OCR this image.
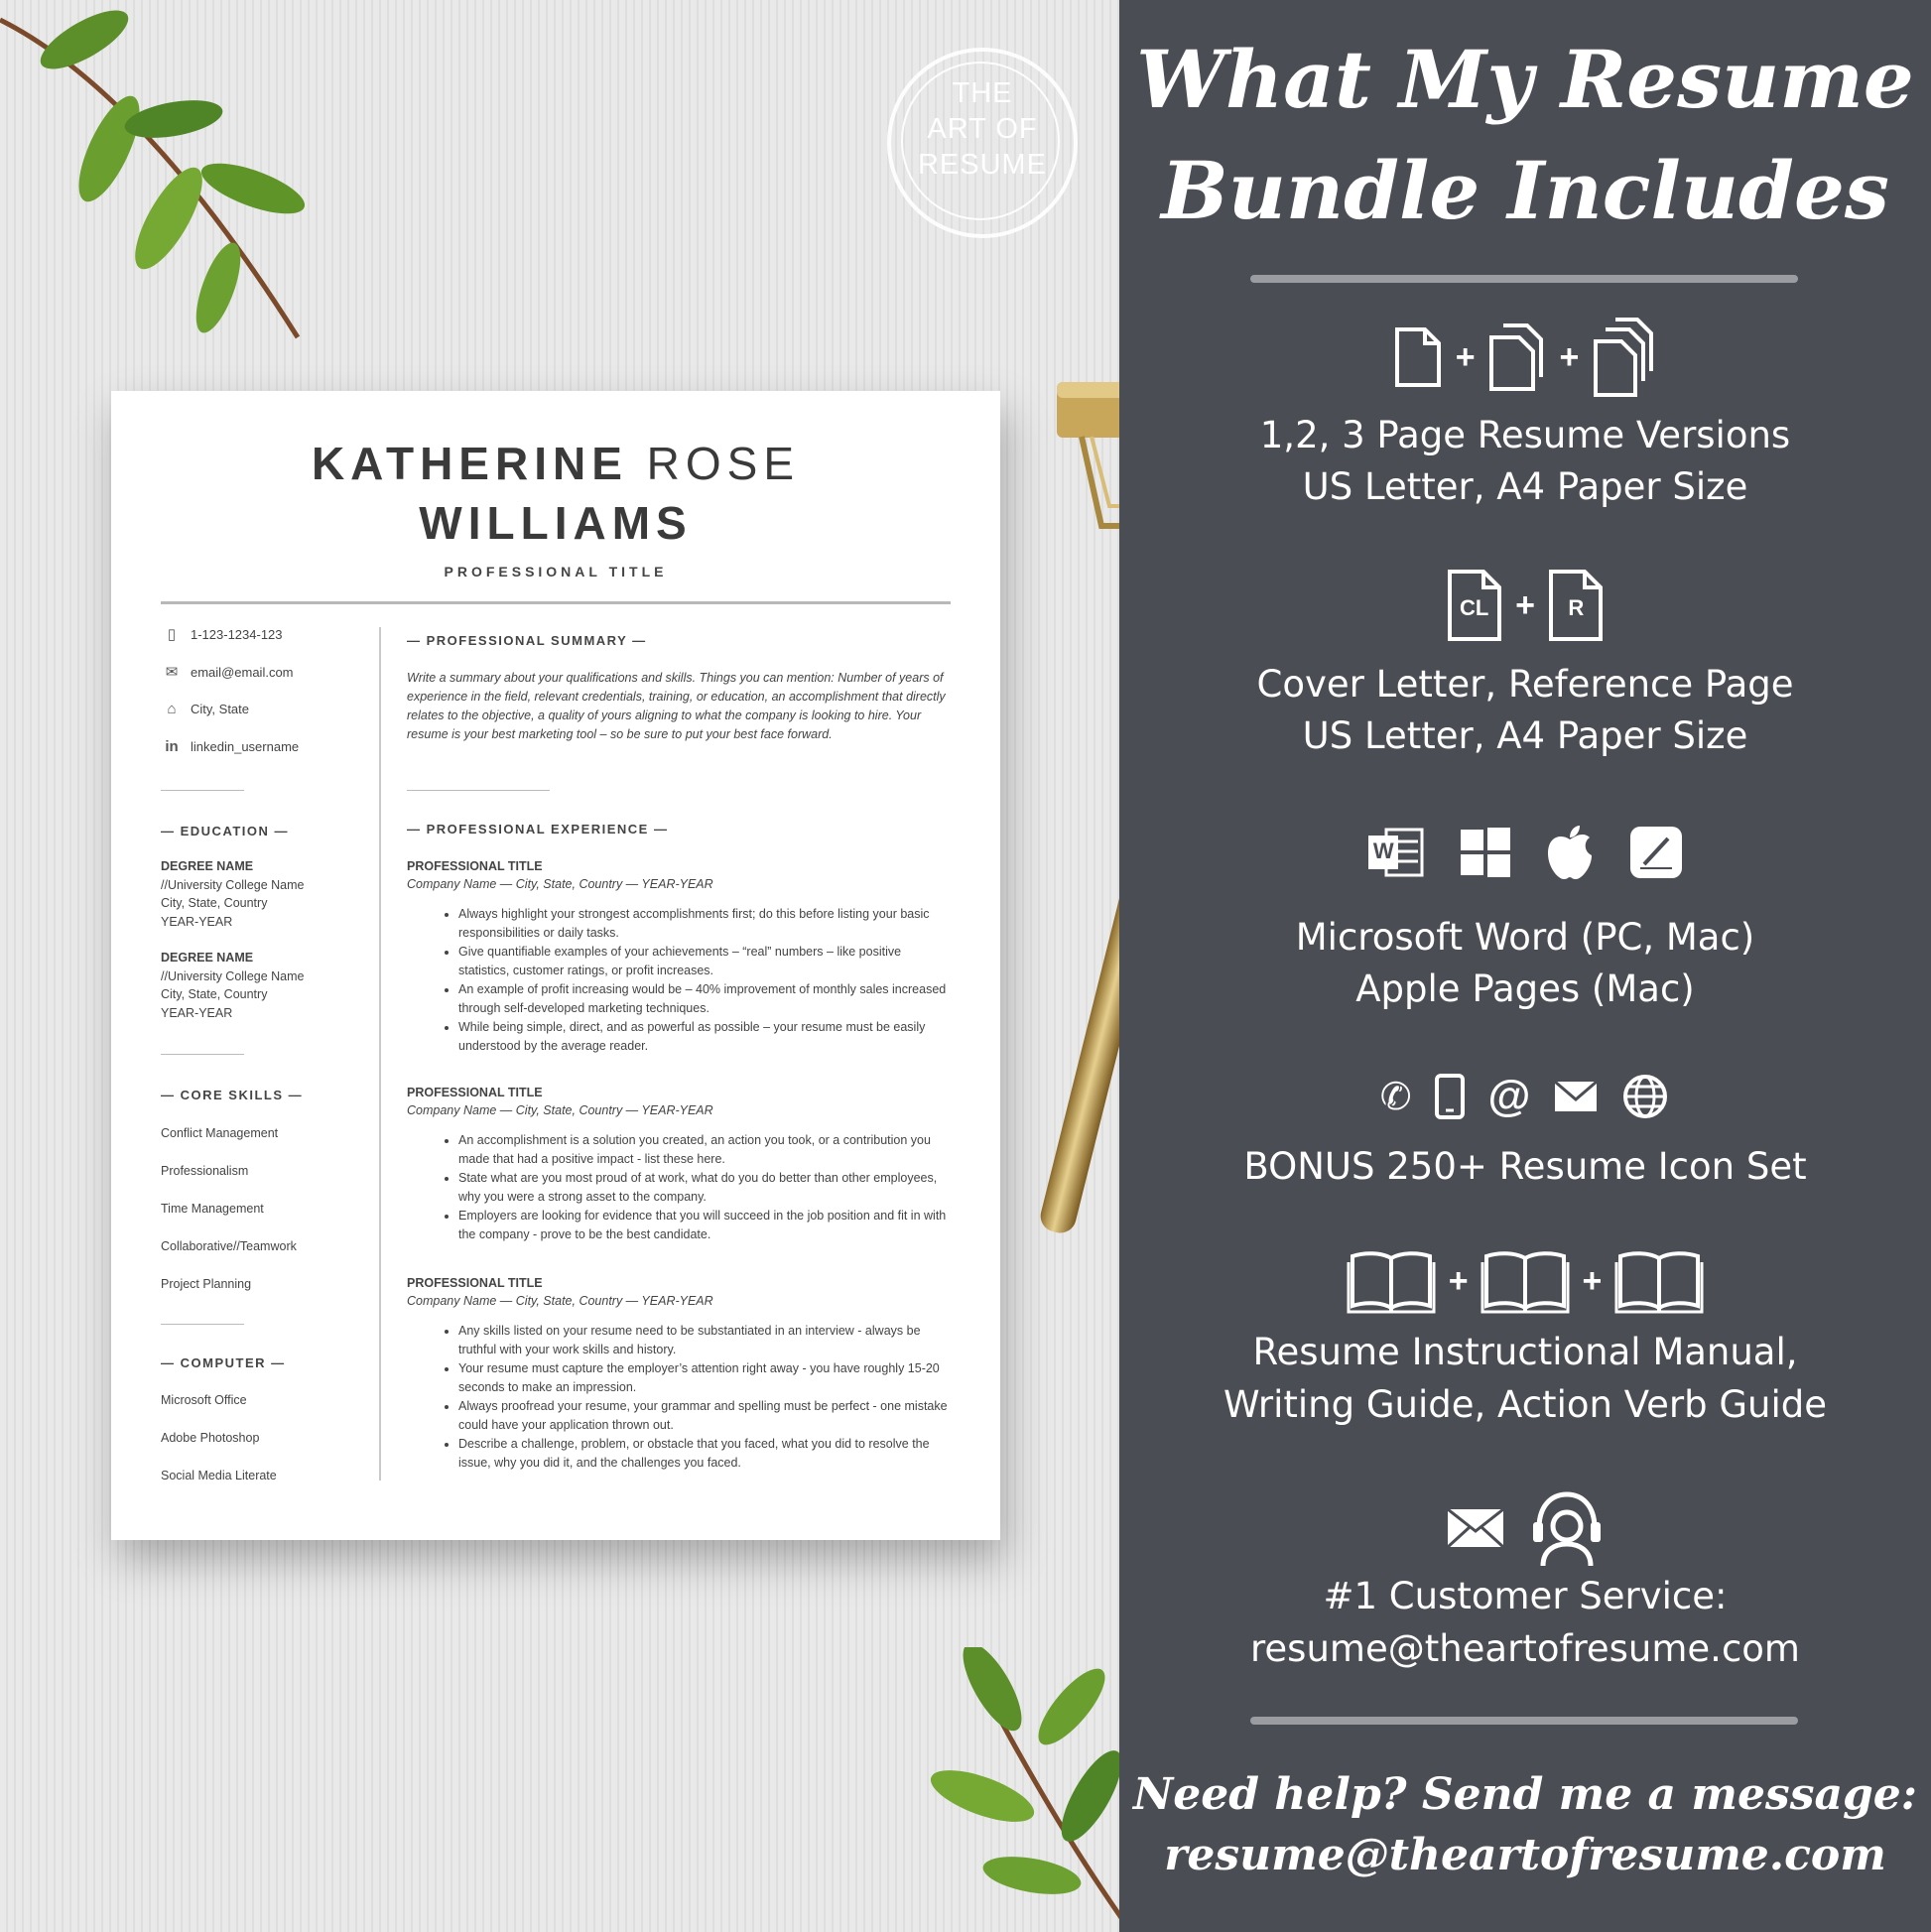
THE
ART OF
RESUME
KATHERINE ROSE
WILLIAMS
PROFESSIONAL TITLE
▯ 1-123-1234-123
✉ email@email.com
⌂ City, State
in linkedin_username
— EDUCATION —
DEGREE NAME
//University College Name
City, State, Country
YEAR-YEAR
DEGREE NAME
//University College Name
City, State, Country
YEAR-YEAR
— CORE SKILLS —
Conflict Management
Professionalism
Time Management
Collaborative//Teamwork
Project Planning
— COMPUTER —
Microsoft Office
Adobe Photoshop
Social Media Literate
— PROFESSIONAL SUMMARY —
Write a summary about your qualifications and skills. Things you can mention: Number of years of experience in the field, relevant credentials, training, or education, an accomplishment that directly relates to the objective, a quality of yours aligning to what the company is looking to hire. Your resume is your best marketing tool – so be sure to put your best face forward.
— PROFESSIONAL EXPERIENCE —
PROFESSIONAL TITLE
Company Name — City, State, Country — YEAR-YEAR
• Always highlight your strongest accomplishments first; do this before listing your basic responsibilities or daily tasks.
• Give quantifiable examples of your achievements – “real” numbers – like positive statistics, customer ratings, or profit increases.
• An example of profit increasing would be – 40% improvement of monthly sales increased through self-developed marketing techniques.
• While being simple, direct, and as powerful as possible – your resume must be easily understood by the average reader.
PROFESSIONAL TITLE
Company Name — City, State, Country — YEAR-YEAR
• An accomplishment is a solution you created, an action you took, or a contribution you made that had a positive impact - list these here.
• State what are you most proud of at work, what do you do better than other employees, why you were a strong asset to the company.
• Employers are looking for evidence that you will succeed in the job position and fit in with the company - prove to be the best candidate.
PROFESSIONAL TITLE
Company Name — City, State, Country — YEAR-YEAR
• Any skills listed on your resume need to be substantiated in an interview - always be truthful with your work skills and history.
• Your resume must capture the employer’s attention right away - you have roughly 15-20 seconds to make an impression.
• Always proofread your resume, your grammar and spelling must be perfect - one mistake could have your application thrown out.
• Describe a challenge, problem, or obstacle that you faced, what you did to resolve the issue, why you did it, and the challenges you faced.
What My Resume
Bundle Includes
+ +
1,2, 3 Page Resume Versions
US Letter, A4 Paper Size
CL +	R
Cover Letter, Reference Page
US Letter, A4 Paper Size
W

Microsoft Word (PC, Mac)
Apple Pages (Mac)
✆ @
BONUS 250+ Resume Icon Set
+	+
Resume Instructional Manual,
Writing Guide, Action Verb Guide

#1 Customer Service:
resume@theartofresume.com
Need help? Send me a message:
resume@theartofresume.com
